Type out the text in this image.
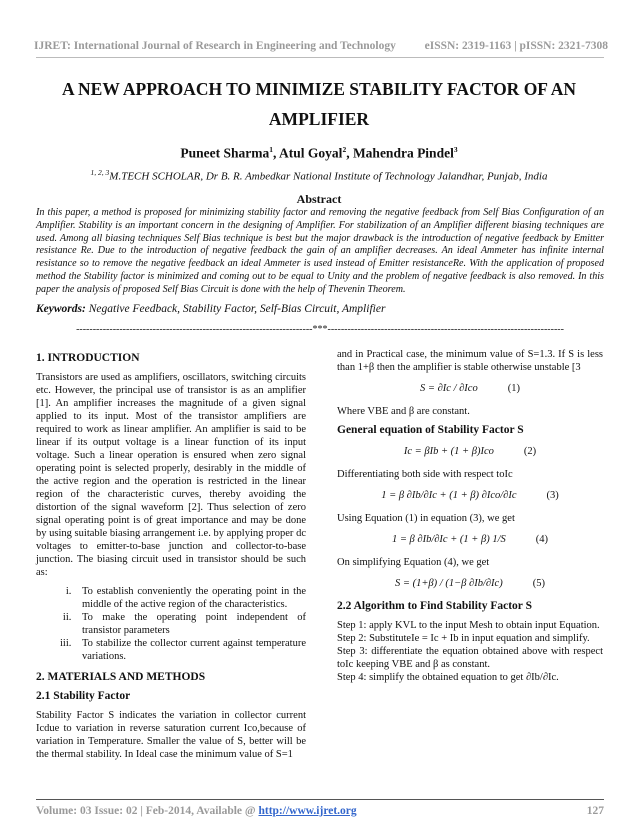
IJRET: International Journal of Research in Engineering and Technology	eISSN: 2319-1163 | pISSN: 2321-7308
A NEW APPROACH TO MINIMIZE STABILITY FACTOR OF AN AMPLIFIER
Puneet Sharma$^1$, Atul Goyal$^2$, Mahendra Pindel$^3$
$^{1, 2, 3}$M.TECH SCHOLAR, Dr B. R. Ambedkar National Institute of Technology Jalandhar, Punjab, India
Abstract
In this paper, a method is proposed for minimizing stability factor and removing the negative feedback from Self Bias Configuration of an Amplifier. Stability is an important concern in the designing of Amplifier. For stabilization of an Amplifier different biasing techniques are used. Among all biasing techniques Self Bias technique is best but the major drawback is the introduction of negative feedback by Emitter resistance Re. Due to the introduction of negative feedback the gain of an amplifier decreases. An ideal Ammeter has infinite internal resistance so to remove the negative feedback an ideal Ammeter is used instead of Emitter resistanceRe. With the application of proposed method the Stability factor is minimized and coming out to be equal to Unity and the problem of negative feedback is also removed. In this paper the analysis of proposed Self Bias Circuit is done with the help of Thevenin Theorem.
Keywords: Negative Feedback, Stability Factor, Self-Bias Circuit, Amplifier
-----------------------------------------------------------------------***-----------------------------------------------------------------------
1. INTRODUCTION

Transistors are used as amplifiers, oscillators, switching circuits etc. However, the principal use of transistor is as an amplifier [1]. An amplifier increases the magnitude of a given signal applied to its input. Most of the transistor amplifiers are required to work as linear amplifier. An amplifier is said to be linear if its output voltage is a linear function of its input voltage. Such a linear operation is ensured when zero signal operating point is selected properly, desirably in the middle of the active region and the operation is restricted in the linear region of the characteristic curves, thereby avoiding the distortion of the signal waveform [2]. Thus selection of zero signal operating point is of great importance and may be done by using suitable biasing arrangement i.e. by applying proper dc voltages to emitter-to-base junction and collector-to-base junction. The biasing circuit used in transistor should be such as:

i. To establish conveniently the operating point in the middle of the active region of the characteristics.
ii. To make the operating point independent of transistor parameters
iii. To stabilize the collector current against temperature variations.
2. MATERIALS AND METHODS
2.1 Stability Factor

Stability Factor S indicates the variation in collector current Icdue to variation in reverse saturation current Ico,because of variation in Temperature. Smaller the value of S, better will be the thermal stability. In Ideal case the minimum value of S=1

and in Practical case, the minimum value of S=1.3. If S is less than 1+β then the amplifier is stable otherwise unstable [3

S = ∂Ic / ∂Ico	(1)

Where VBE and β are constant.

General equation of Stability Factor S
Ic = βIb + (1 + β)Ico	(2)

Differentiating both side with respect toIc

1 = β ∂Ib/∂Ic + (1 + β) ∂Ico/∂Ic	(3)

Using Equation (1) in equation (3), we get

1 = β ∂Ib/∂Ic + (1 + β) 1/S	(4)

On simplifying Equation (4), we get

S = (1+β) / (1−β ∂Ib/∂Ic)	(5)
2.2 Algorithm to Find Stability Factor S

Step 1: apply KVL to the input Mesh to obtain input Equation.

Step 2: SubstituteIe = Ic + Ib in input equation and simplify.

Step 3: differentiate the equation obtained above with respect toIc keeping VBE and β as constant.

Step 4: simplify the obtained equation to get ∂Ib/∂Ic.

Volume: 03 Issue: 02 | Feb-2014, Available @ http://www.ijret.org	127
